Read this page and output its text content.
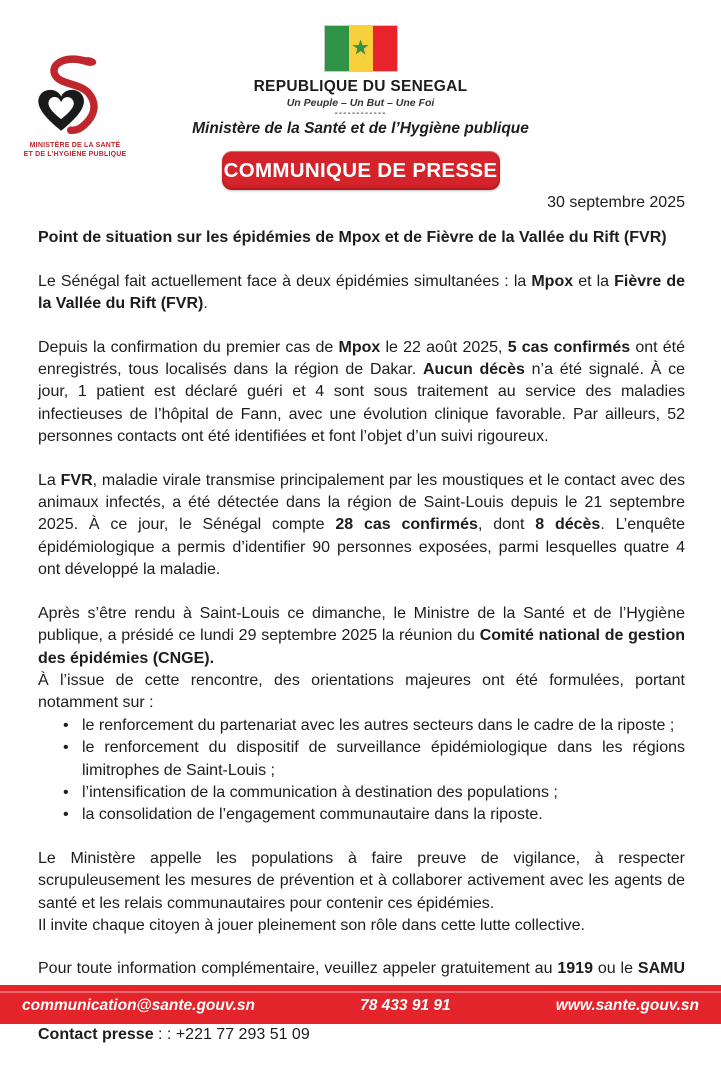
MINISTÈRE DE LA SANTÉ
ET DE L’HYGIÈNE PUBLIQUE
★
REPUBLIQUE DU SENEGAL
Un Peuple – Un But – Une Foi
------------
Ministère de la Santé et de l’Hygiène publique
COMMUNIQUE DE PRESSE
30 septembre 2025
Point de situation sur les épidémies de Mpox et de Fièvre de la Vallée du Rift (FVR)

Le Sénégal fait actuellement face à deux épidémies simultanées : la Mpox et la Fièvre de la Vallée du Rift (FVR).

Depuis la confirmation du premier cas de Mpox le 22 août 2025, 5 cas confirmés ont été enregistrés, tous localisés dans la région de Dakar. Aucun décès n’a été signalé. À ce jour, 1 patient est déclaré guéri et 4 sont sous traitement au service des maladies infectieuses de l’hôpital de Fann, avec une évolution clinique favorable. Par ailleurs, 52 personnes contacts ont été identifiées et font l’objet d’un suivi rigoureux.

La FVR, maladie virale transmise principalement par les moustiques et le contact avec des animaux infectés, a été détectée dans la région de Saint-Louis depuis le 21 septembre 2025. À ce jour, le Sénégal compte 28 cas confirmés, dont 8 décès. L’enquête épidémiologique a permis d’identifier 90 personnes exposées, parmi lesquelles quatre 4 ont développé la maladie.

Après s’être rendu à Saint-Louis ce dimanche, le Ministre de la Santé et de l’Hygiène publique, a présidé ce lundi 29 septembre 2025 la réunion du Comité national de gestion des épidémies (CNGE).

À l’issue de cette rencontre, des orientations majeures ont été formulées, portant notamment sur :

• le renforcement du partenariat avec les autres secteurs dans le cadre de la riposte ;
• le renforcement du dispositif de surveillance épidémiologique dans les régions limitrophes de Saint-Louis ;
• l’intensification de la communication à destination des populations ;
• la consolidation de l’engagement communautaire dans la riposte.

Le Ministère appelle les populations à faire preuve de vigilance, à respecter scrupuleusement les mesures de prévention et à collaborer activement avec les agents de santé et les relais communautaires pour contenir ces épidémies.

Il invite chaque citoyen à jouer pleinement son rôle dans cette lutte collective.

Pour toute information complémentaire, veuillez appeler gratuitement au 1919 ou le SAMU

Contact presse : : +221 77 293 51 09

communication@sante.gouv.sn	78 433 91 91	www.sante.gouv.sn
